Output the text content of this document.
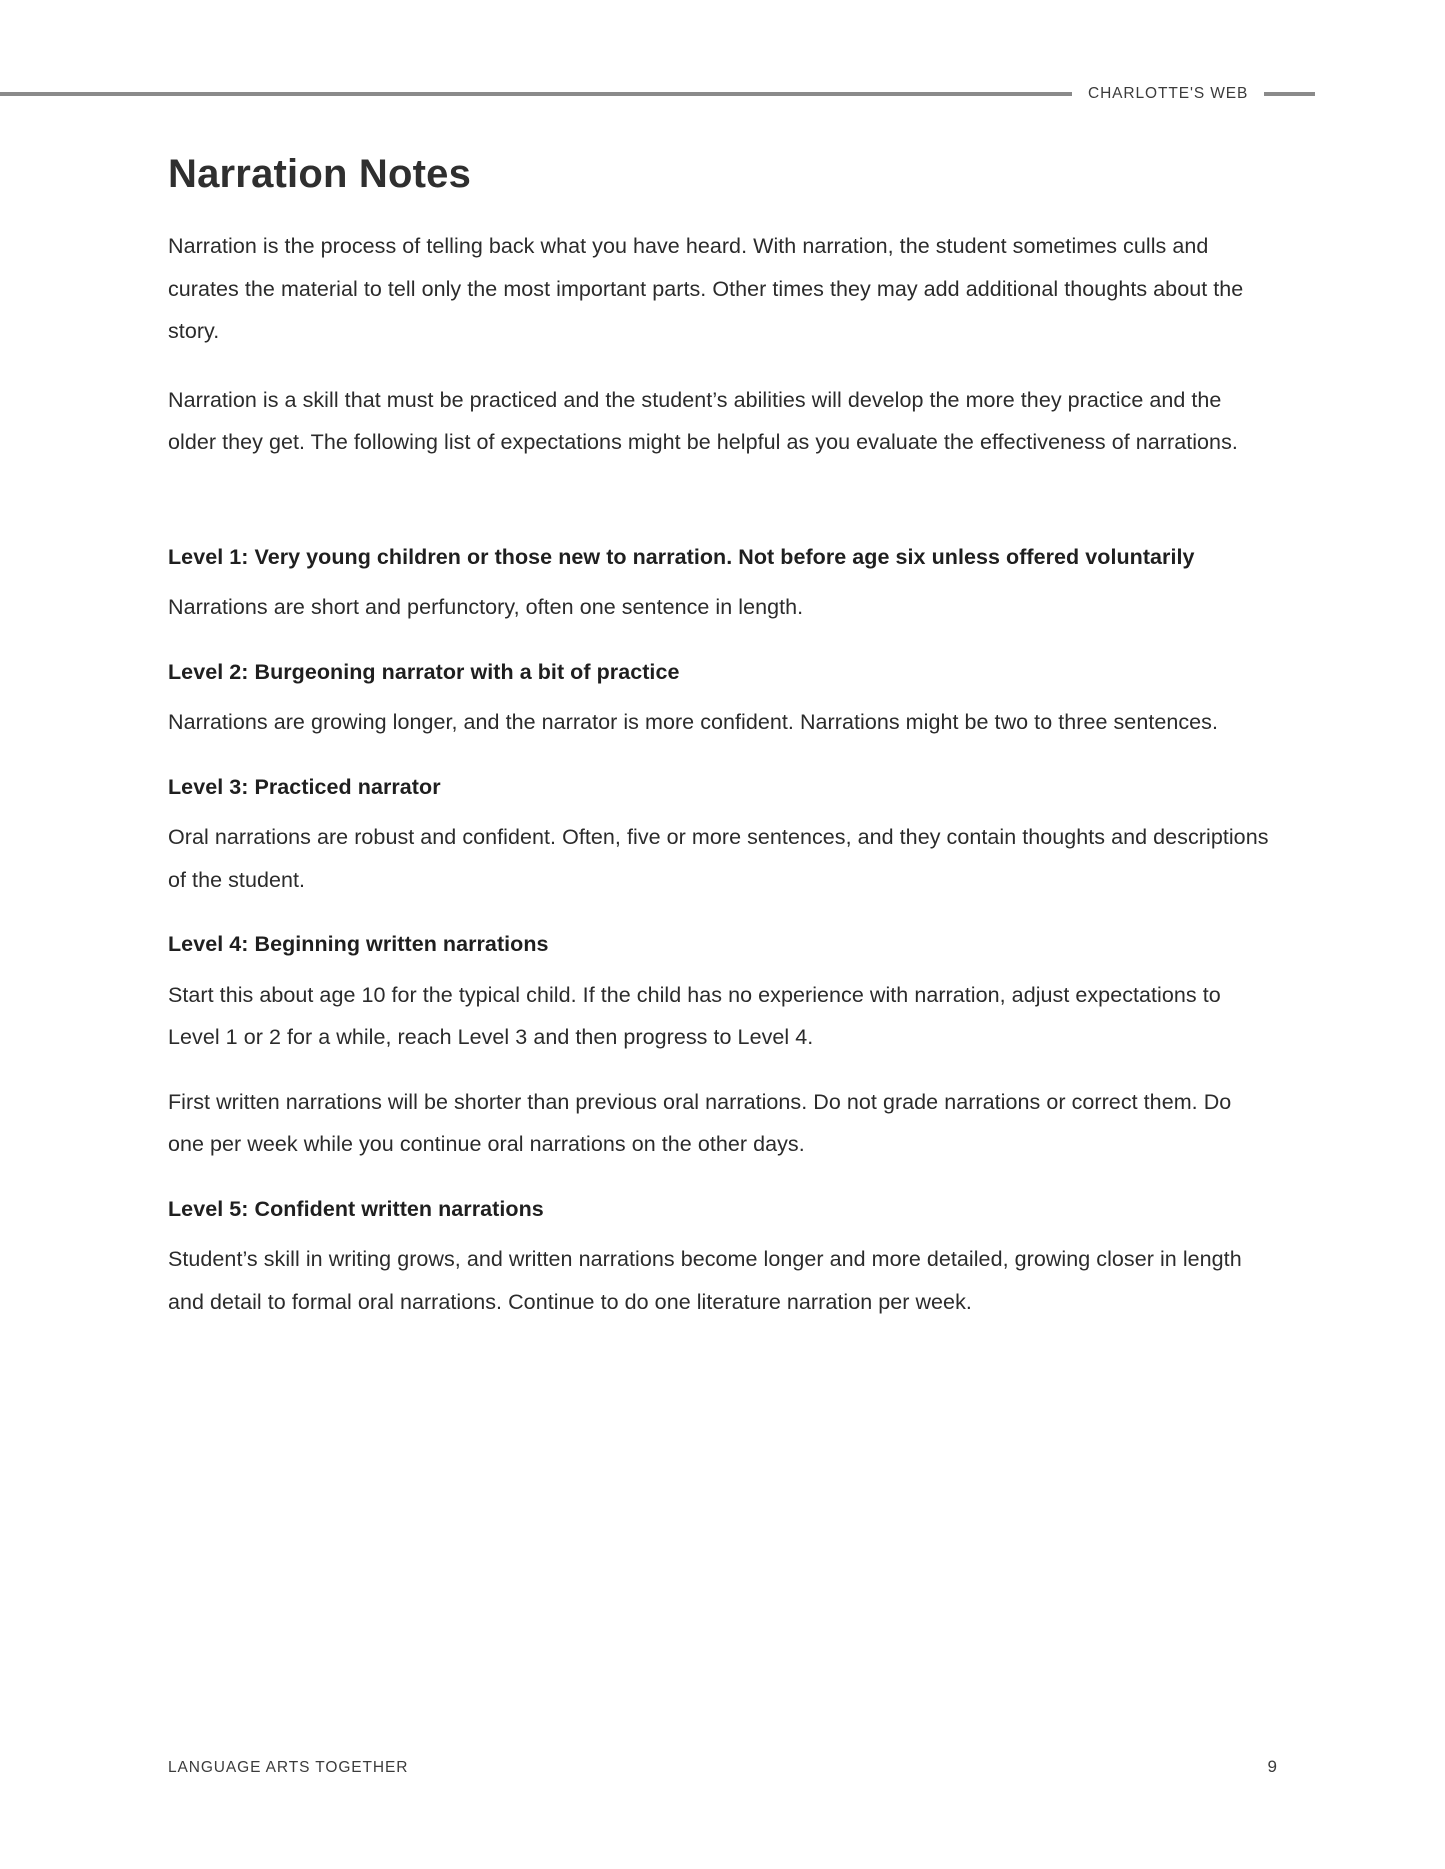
CHARLOTTE'S WEB
Narration Notes

Narration is the process of telling back what you have heard. With narration, the student sometimes culls and curates the material to tell only the most important parts. Other times they may add additional thoughts about the story.

Narration is a skill that must be practiced and the student’s abilities will develop the more they practice and the older they get. The following list of expectations might be helpful as you evaluate the effectiveness of narrations.

Level 1: Very young children or those new to narration. Not before age six unless offered voluntarily

Narrations are short and perfunctory, often one sentence in length.

Level 2: Burgeoning narrator with a bit of practice

Narrations are growing longer, and the narrator is more confident. Narrations might be two to three sentences.

Level 3: Practiced narrator

Oral narrations are robust and confident. Often, five or more sentences, and they contain thoughts and descriptions of the student.

Level 4: Beginning written narrations

Start this about age 10 for the typical child. If the child has no experience with narration, adjust expectations to Level 1 or 2 for a while, reach Level 3 and then progress to Level 4.

First written narrations will be shorter than previous oral narrations. Do not grade narrations or correct them. Do one per week while you continue oral narrations on the other days.

Level 5: Confident written narrations

Student’s skill in writing grows, and written narrations become longer and more detailed, growing closer in length and detail to formal oral narrations. Continue to do one literature narration per week.

LANGUAGE ARTS TOGETHER	9
